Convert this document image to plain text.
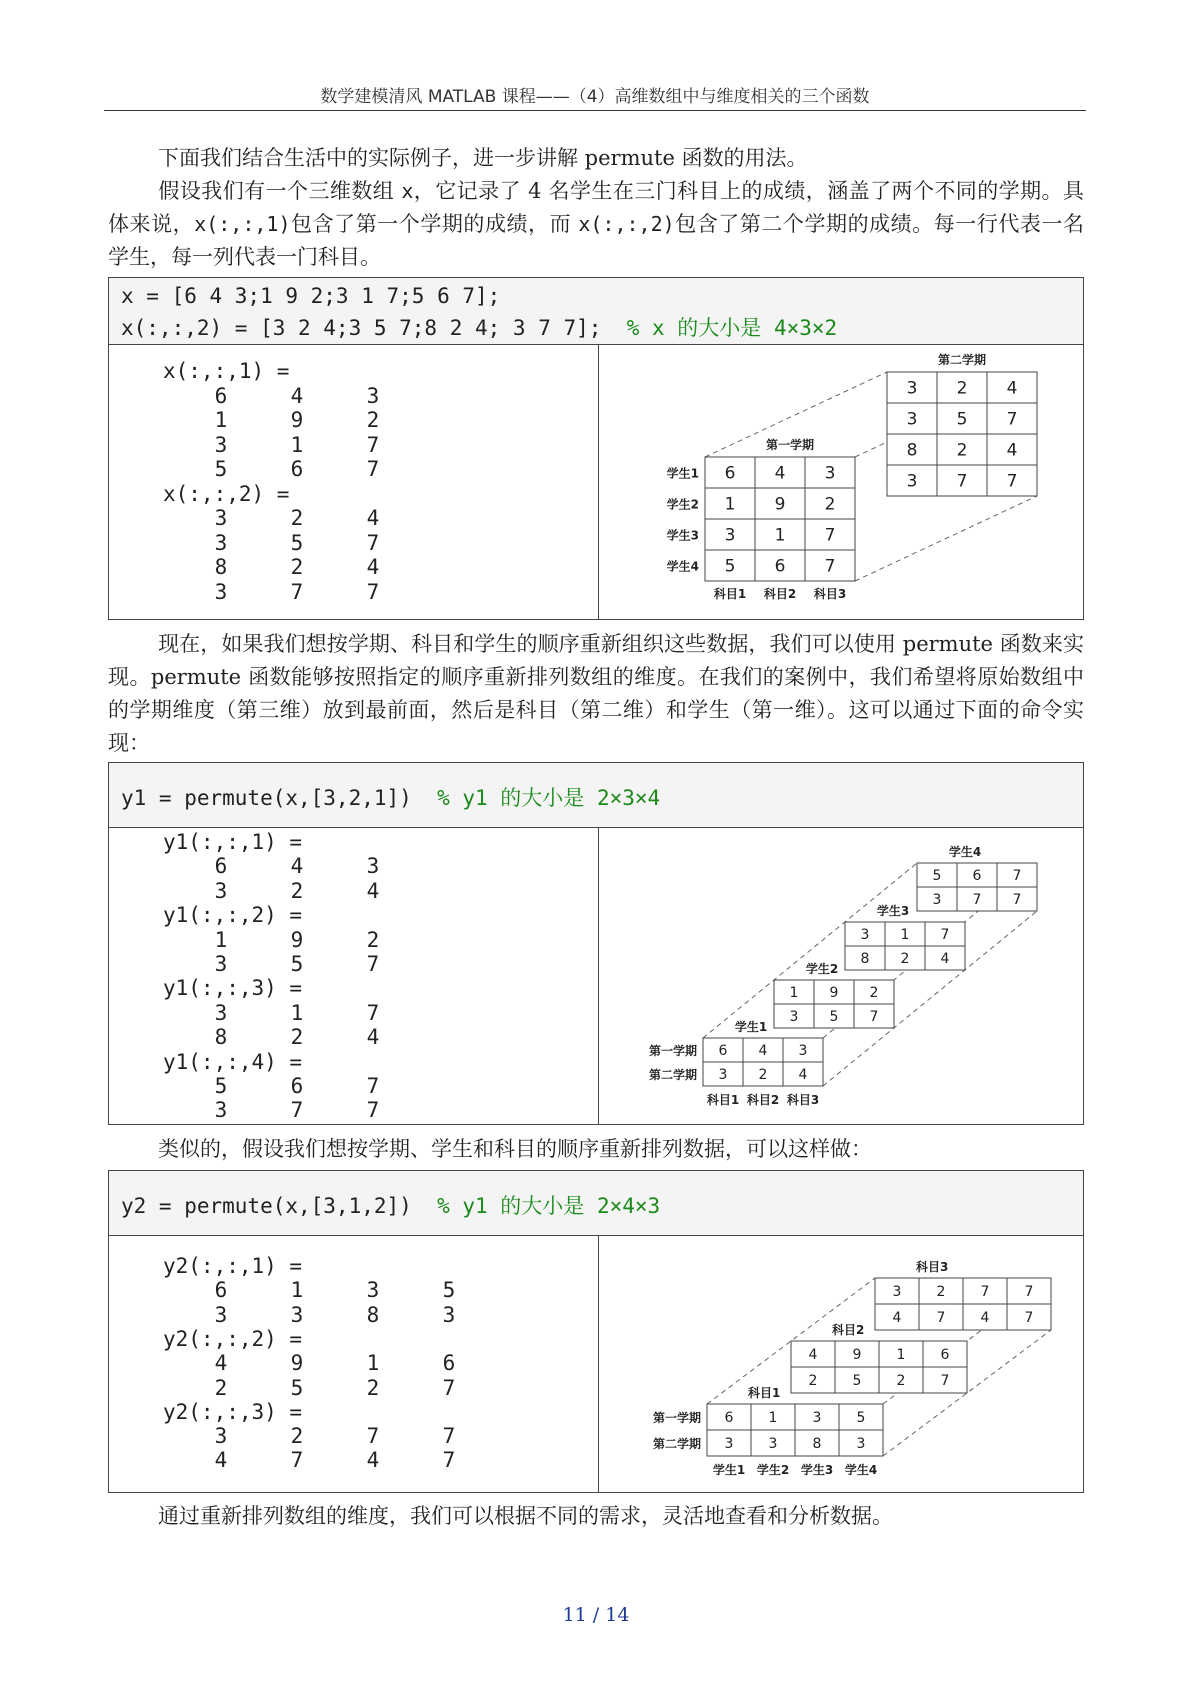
数学建模清风 MATLAB 课程——（4）高维数组中与维度相关的三个函数
下面我们结合生活中的实际例子，进一步讲解 permute 函数的用法。
假设我们有一个三维数组 x，它记录了 4 名学生在三门科目上的成绩，涵盖了两个不同的学期。具体来说，x(:,:,1)包含了第一个学期的成绩，而 x(:,:,2)包含了第二个学期的成绩。每一行代表一名学生，每一列代表一门科目。
x = [6 4 3;1 9 2;3 1 7;5 6 7];
x(:,:,2) = [3 2 4;3 5 7;8 2 4; 3 7 7]; % x 的大小是 4×3×2
x(:,:,1) =
6	4	3
1	9	2
3	1	7
5	6	7
x(:,:,2) =
3	2	4
3	5	7
8	2	4
3	7	7
3 2 4
3 5 7
8 2 4
3 7 7
第二学期
6 4 3
1 9 2
3 1 7
5 6 7
第一学期
学生1
学生2
学生3
学生4
科目1 科目2 科目3
现在，如果我们想按学期、科目和学生的顺序重新组织这些数据，我们可以使用 permute 函数来实现。permute 函数能够按照指定的顺序重新排列数组的维度。在我们的案例中，我们希望将原始数组中的学期维度（第三维）放到最前面，然后是科目（第二维）和学生（第一维）。这可以通过下面的命令实现：
y1 = permute(x,[3,2,1]) % y1 的大小是 2×3×4
y1(:,:,1) =
6	4	3
3	2	4
y1(:,:,2) =
1	9	2
3	5	7
y1(:,:,3) =
3	1	7
8	2	4
y1(:,:,4) =
5	6	7
3	7	7
5 6 7
3 7 7
学生4
3 1 7
8 2 4
学生3
1 9 2
3 5 7
学生2
6 4 3
3 2 4
学生1
第一学期
第二学期
科目1 科目2 科目3
类似的，假设我们想按学期、学生和科目的顺序重新排列数据，可以这样做：
y2 = permute(x,[3,1,2]) % y1 的大小是 2×4×3
y2(:,:,1) =
6	1	3	5
3	3	8	3
y2(:,:,2) =
4	9	1	6
2	5	2	7
y2(:,:,3) =
3	2	7	7
4	7	4	7
3	2	7	7
4	7	4	7
科目3
4	9	1	6
2	5	2	7
科目2
6	1	3	5
3	3	8	3
科目1
第一学期
第二学期
学生1 学生2 学生3 学生4
通过重新排列数组的维度，我们可以根据不同的需求，灵活地查看和分析数据。
11 / 14
